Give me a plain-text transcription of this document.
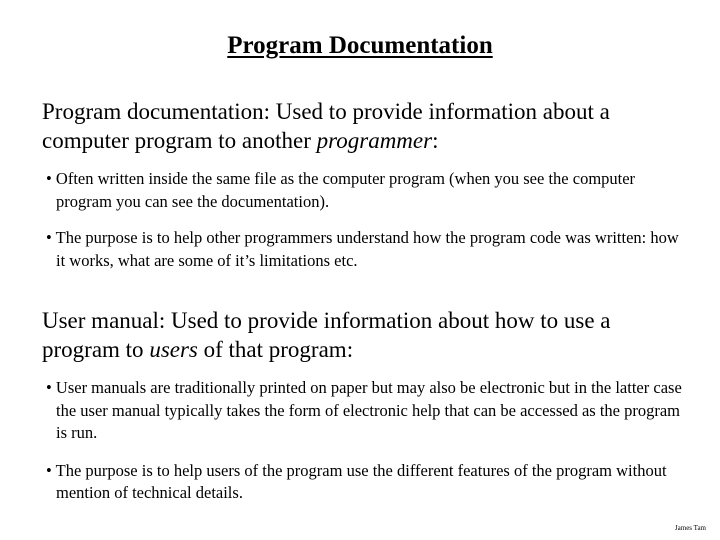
Program Documentation
Program documentation: Used to provide information about a computer program to another programmer:
• Often written inside the same file as the computer program (when you see the computer program you can see the documentation).
• The purpose is to help other programmers understand how the program code was written: how it works, what are some of it’s limitations etc.
User manual: Used to provide information about how to use a program to users of that program:
• User manuals are traditionally printed on paper but may also be electronic but in the latter case the user manual typically takes the form of electronic help that can be accessed as the program is run.
• The purpose is to help users of the program use the different features of the program without mention of technical details.
James Tam
